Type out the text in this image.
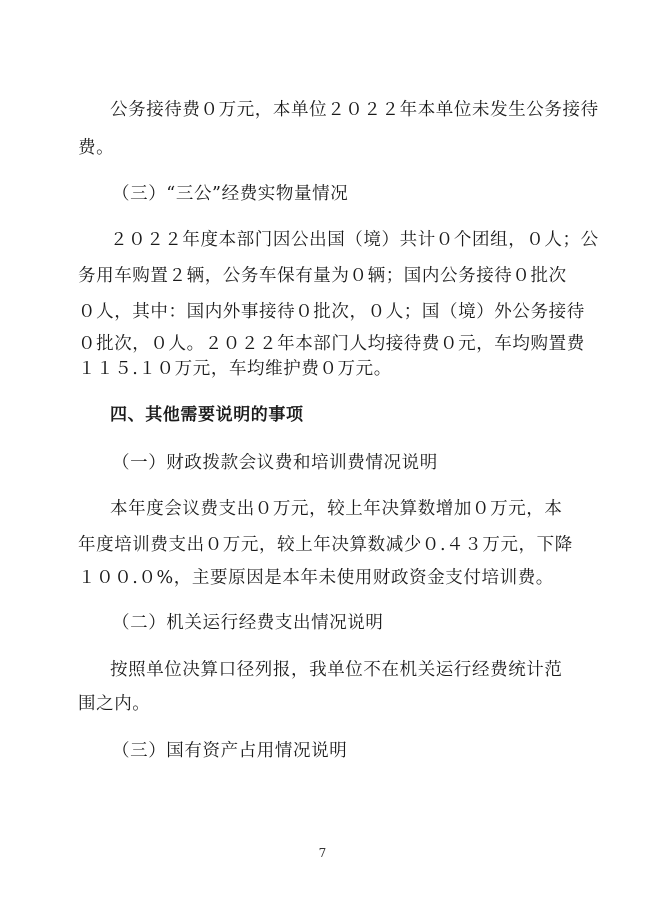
公务接待费０万元，本单位２０２２年本单位未发生公务接待
费。
（三）“三公”经费实物量情况
２０２２年度本部门因公出国（境）共计０个团组，０人；公
务用车购置２辆，公务车保有量为０辆；国内公务接待０批次
０人，其中：国内外事接待０批次，０人；国（境）外公务接待
０批次，０人。２０２２年本部门人均接待费０元，车均购置费
１１５.１０万元，车均维护费０万元。
四、其他需要说明的事项
（一）财政拨款会议费和培训费情况说明
本年度会议费支出０万元，较上年决算数增加０万元，本
年度培训费支出０万元，较上年决算数减少０.４３万元，下降
１００.０%，主要原因是本年未使用财政资金支付培训费。
（二）机关运行经费支出情况说明
按照单位决算口径列报，我单位不在机关运行经费统计范
围之内。
（三）国有资产占用情况说明
7
